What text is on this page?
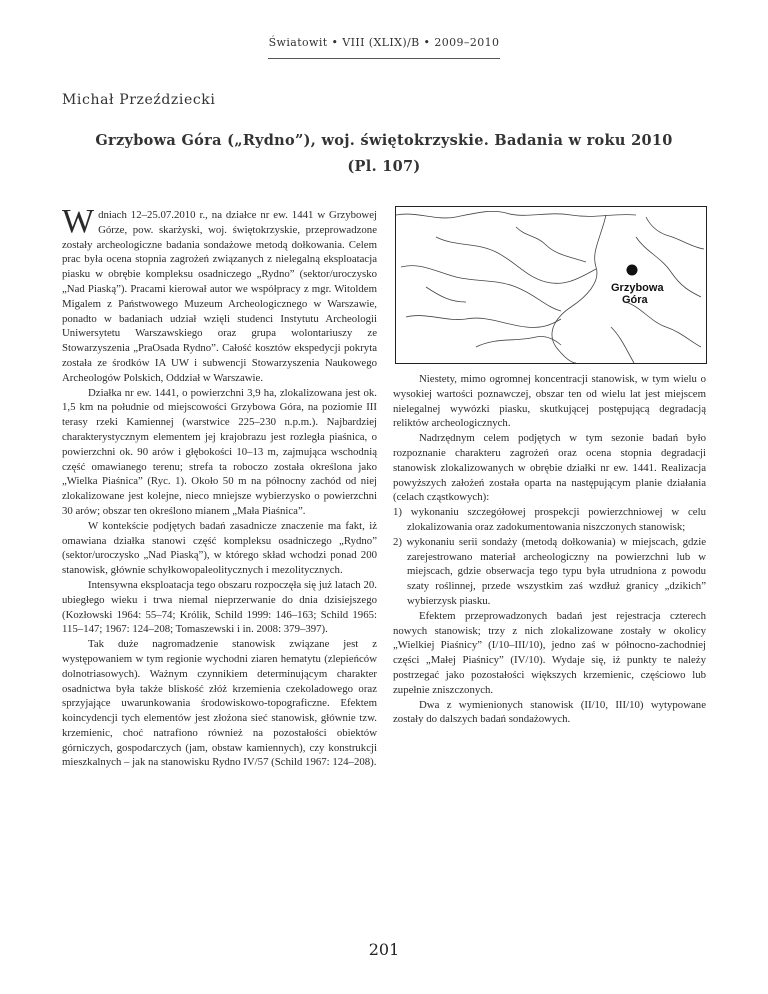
Światowit • VIII (XLIX)/B • 2009–2010
Michał Przeździecki
Grzybowa Góra („Rydno”), woj. świętokrzyskie. Badania w roku 2010
(Pl. 107)

W dniach 12–25.07.2010 r., na działce nr ew. 1441 w Grzybowej Górze, pow. skarżyski, woj. świętokrzyskie, przeprowadzone zostały archeologiczne badania sondażowe metodą dołkowania. Celem prac była ocena stopnia zagrożeń związanych z nielegalną eksploatacja piasku w obrębie kompleksu osadniczego „Rydno” (sektor/uroczysko „Nad Piaską”). Pracami kierował autor we współpracy z mgr. Witoldem Migalem z Państwowego Muzeum Archeologicznego w Warszawie, ponadto w badaniach udział wzięli studenci Instytutu Archeologii Uniwersytetu Warszawskiego oraz grupa wolontariuszy ze Stowarzyszenia „PraOsada Rydno”. Całość kosztów ekspedycji pokryta została ze środków IA UW i subwencji Stowarzyszenia Naukowego Archeologów Polskich, Oddział w Warszawie.

Działka nr ew. 1441, o powierzchni 3,9 ha, zlokalizowana jest ok. 1,5 km na południe od miejscowości Grzybowa Góra, na poziomie III terasy rzeki Kamiennej (warstwice 225–230 n.p.m.). Najbardziej charakterystycznym elementem jej krajobrazu jest rozległa piaśnica, o powierzchni ok. 90 arów i głębokości 10–13 m, zajmująca wschodnią część omawianego terenu; strefa ta roboczo została określona jako „Wielka Piaśnica” (Ryc. 1). Około 50 m na północny zachód od niej zlokalizowane jest kolejne, nieco mniejsze wybierzysko o powierzchni 30 arów; obszar ten określono mianem „Mała Piaśnica”.

W kontekście podjętych badań zasadnicze znaczenie ma fakt, iż omawiana działka stanowi część kompleksu osadniczego „Rydno” (sektor/uroczysko „Nad Piaską”), w którego skład wchodzi ponad 200 stanowisk, głównie schyłkowopaleolitycznych i mezolitycznych.

Intensywna eksploatacja tego obszaru rozpoczęła się już latach 20. ubiegłego wieku i trwa niemal nieprzerwanie do dnia dzisiejszego (Kozłowski 1964: 55–74; Królik, Schild 1999: 146–163; Schild 1965: 115–147; 1967: 124–208; Tomaszewski i in. 2008: 379–397).

Tak duże nagromadzenie stanowisk związane jest z występowaniem w tym regionie wychodni ziaren hematytu (zlepieńców dolnotriasowych). Ważnym czynnikiem determinującym charakter osadnictwa była także bliskość złóż krzemienia czekoladowego oraz sprzyjające uwarunkowania środowiskowo-topograficzne. Efektem koincydencji tych elementów jest złożona sieć stanowisk, głównie tzw. krzemienic, choć natrafiono również na pozostałości obiektów górniczych, gospodarczych (jam, obstaw kamiennych), czy konstrukcji mieszkalnych – jak na stanowisku Rydno IV/57 (Schild 1967: 124–208).

Grzybowa
Góra

Niestety, mimo ogromnej koncentracji stanowisk, w tym wielu o wysokiej wartości poznawczej, obszar ten od wielu lat jest miejscem nielegalnej wywózki piasku, skutkującej postępującą degradacją reliktów archeologicznych.

Nadrzędnym celem podjętych w tym sezonie badań było rozpoznanie charakteru zagrożeń oraz ocena stopnia degradacji stanowisk zlokalizowanych w obrębie działki nr ew. 1441. Realizacja powyższych założeń została oparta na następującym planie działania (celach cząstkowych):

1) wykonaniu szczegółowej prospekcji powierzchniowej w celu zlokalizowania oraz zadokumentowania niszczonych stanowisk;
2) wykonaniu serii sondaży (metodą dołkowania) w miejscach, gdzie zarejestrowano materiał archeologiczny na powierzchni lub w miejscach, gdzie obserwacja tego typu była utrudniona z powodu szaty roślinnej, przede wszystkim zaś wzdłuż granicy „dzikich” wybierzysk piasku.

Efektem przeprowadzonych badań jest rejestracja czterech nowych stanowisk; trzy z nich zlokalizowane zostały w okolicy „Wielkiej Piaśnicy” (I/10–III/10), jedno zaś w północno-zachodniej części „Małej Piaśnicy” (IV/10). Wydaje się, iż punkty te należy postrzegać jako pozostałości większych krzemienic, częściowo lub zupełnie zniszczonych.

Dwa z wymienionych stanowisk (II/10, III/10) wytypowane zostały do dalszych badań sondażowych.

201
